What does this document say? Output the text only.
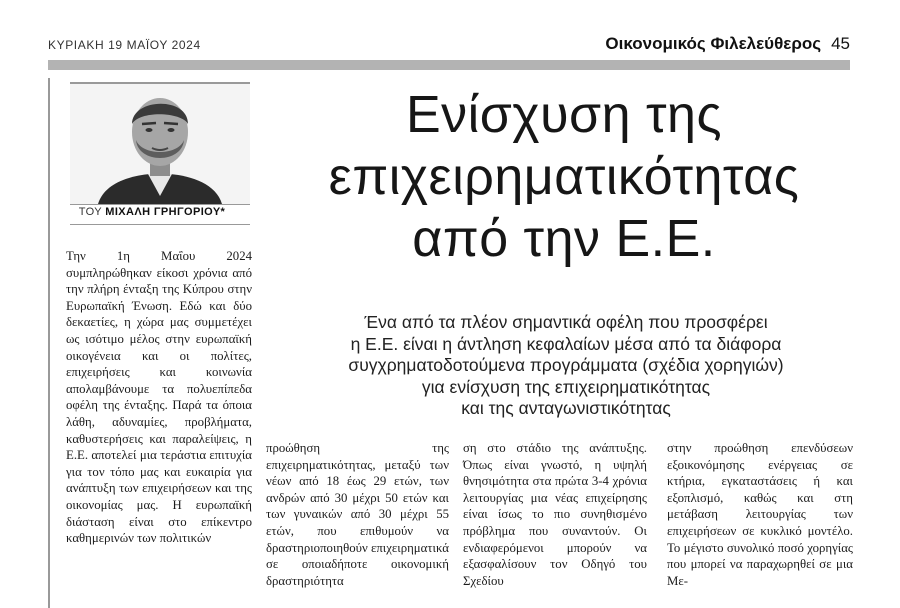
ΚΥΡΙΑΚΗ 19 ΜΑΪΟΥ 2024	Οικονομικός Φιλελεύθερος 45
ΤΟΥ ΜΙΧΑΛΗ ΓΡΗΓΟΡΙΟΥ*

Την 1η Μαΐου 2024 συμπληρώθηκαν είκοσι χρόνια από την πλήρη ένταξη της Κύπρου στην Ευρωπαϊκή Ένωση. Εδώ και δύο δεκαετίες, η χώρα μας συμμετέχει ως ισότιμο μέλος στην ευρωπαϊκή οικογένεια και οι πολίτες, επιχειρήσεις και κοινωνία απολαμβάνουμε τα πολυεπίπεδα οφέλη της ένταξης. Παρά τα όποια λάθη, αδυναμίες, προβλήματα, καθυστερήσεις και παραλείψεις, η Ε.Ε. αποτελεί μια τεράστια επιτυχία για τον τόπο μας και ευκαιρία για ανάπτυξη των επιχειρήσεων και της οικονομίας μας. Η ευρωπαϊκή διάσταση είναι στο επίκεντρο καθημερινών των πολιτικών

Ενίσχυση της
επιχειρηματικότητας
από την Ε.Ε.
Ένα από τα πλέον σημαντικά οφέλη που προσφέρει
η Ε.Ε. είναι η άντληση κεφαλαίων μέσα από τα διάφορα
συγχρηματοδοτούμενα προγράμματα (σχέδια χορηγιών)
για ενίσχυση της επιχειρηματικότητας
και της ανταγωνιστικότητας

προώθηση της επιχειρηματικότητας, μεταξύ των νέων από 18 έως 29 ετών, των ανδρών από 30 μέχρι 50 ετών και των γυναικών από 30 μέχρι 55 ετών, που επιθυμούν να δραστηριοποιηθούν επιχειρηματικά σε οποιαδήποτε οικονομική δραστηριότητα

ση στο στάδιο της ανάπτυξης. Όπως είναι γνωστό, η υψηλή θνησιμότητα στα πρώτα 3-4 χρόνια λειτουργίας μια νέας επιχείρησης είναι ίσως το πιο συνηθισμένο πρόβλημα που συναντούν. Οι ενδιαφερόμενοι μπορούν να εξασφαλίσουν τον Οδηγό του Σχεδίου

στην προώθηση επενδύσεων εξοικονόμησης ενέργειας σε κτήρια, εγκαταστάσεις ή και εξοπλισμό, καθώς και στη μετάβαση λειτουργίας των επιχειρήσεων σε κυκλικό μοντέλο. Το μέγιστο συνολικό ποσό χορηγίας που μπορεί να παραχωρηθεί σε μια Με-
